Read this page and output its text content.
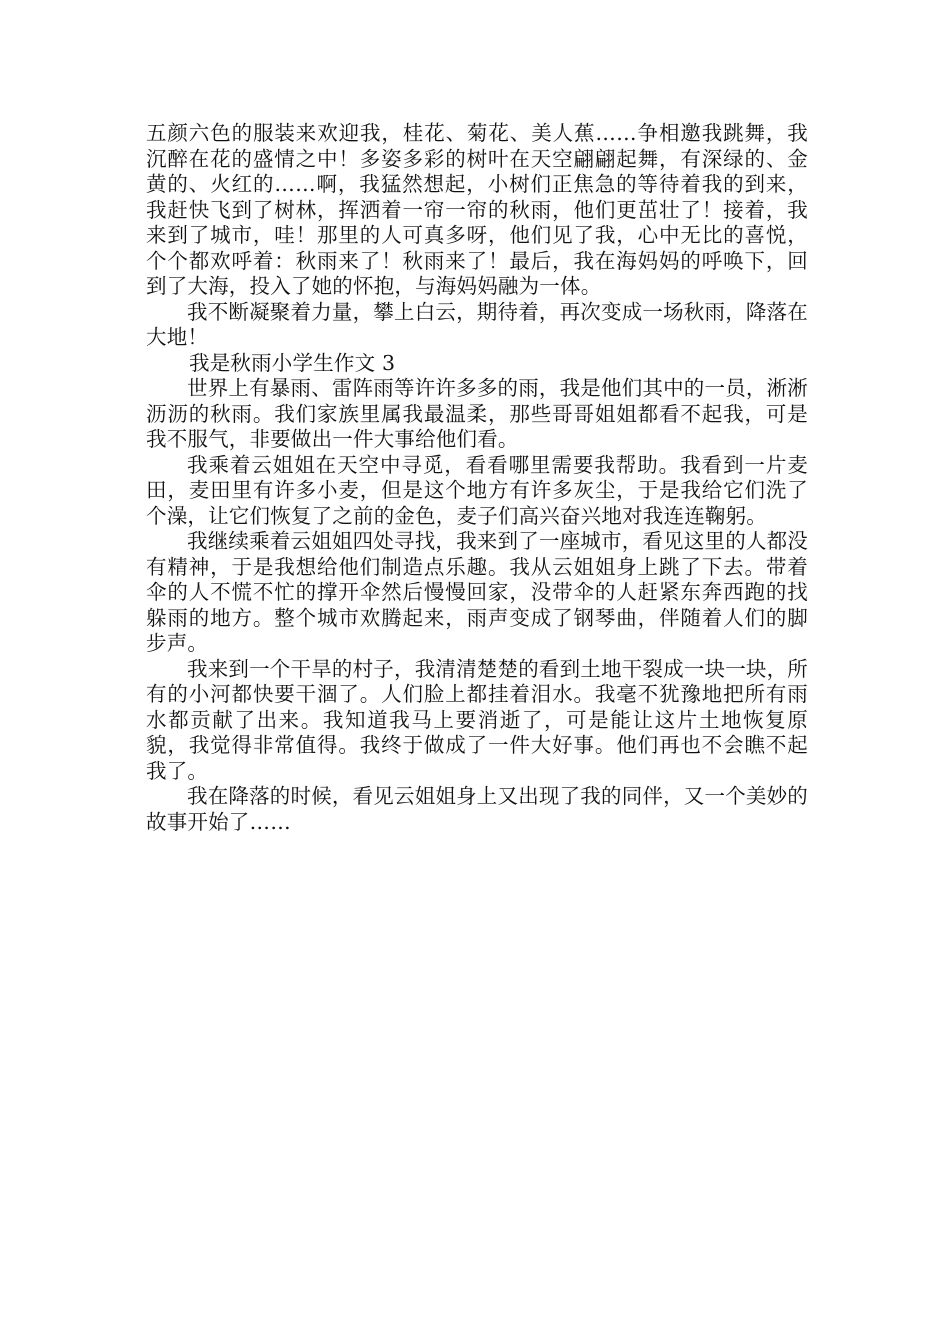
五颜六色的服装来欢迎我，桂花、菊花、美人蕉……争相邀我跳舞，我沉醉在花的盛情之中！多姿多彩的树叶在天空翩翩起舞，有深绿的、金黄的、火红的……啊，我猛然想起，小树们正焦急的等待着我的到来，我赶快飞到了树林，挥洒着一帘一帘的秋雨，他们更茁壮了！接着，我来到了城市，哇！那里的人可真多呀，他们见了我，心中无比的喜悦，个个都欢呼着：秋雨来了！秋雨来了！最后，我在海妈妈的呼唤下，回到了大海，投入了她的怀抱，与海妈妈融为一体。

我不断凝聚着力量，攀上白云，期待着，再次变成一场秋雨，降落在大地！

我是秋雨小学生作文 3

世界上有暴雨、雷阵雨等许许多多的雨，我是他们其中的一员，淅淅沥沥的秋雨。我们家族里属我最温柔，那些哥哥姐姐都看不起我，可是我不服气，非要做出一件大事给他们看。

我乘着云姐姐在天空中寻觅，看看哪里需要我帮助。我看到一片麦田，麦田里有许多小麦，但是这个地方有许多灰尘，于是我给它们洗了个澡，让它们恢复了之前的金色，麦子们高兴奋兴地对我连连鞠躬。

我继续乘着云姐姐四处寻找，我来到了一座城市，看见这里的人都没有精神，于是我想给他们制造点乐趣。我从云姐姐身上跳了下去。带着伞的人不慌不忙的撑开伞然后慢慢回家，没带伞的人赶紧东奔西跑的找躲雨的地方。整个城市欢腾起来，雨声变成了钢琴曲，伴随着人们的脚步声。

我来到一个干旱的村子，我清清楚楚的看到土地干裂成一块一块，所有的小河都快要干涸了。人们脸上都挂着泪水。我毫不犹豫地把所有雨水都贡献了出来。我知道我马上要消逝了，可是能让这片土地恢复原貌，我觉得非常值得。我终于做成了一件大好事。他们再也不会瞧不起我了。

我在降落的时候，看见云姐姐身上又出现了我的同伴，又一个美妙的故事开始了……
